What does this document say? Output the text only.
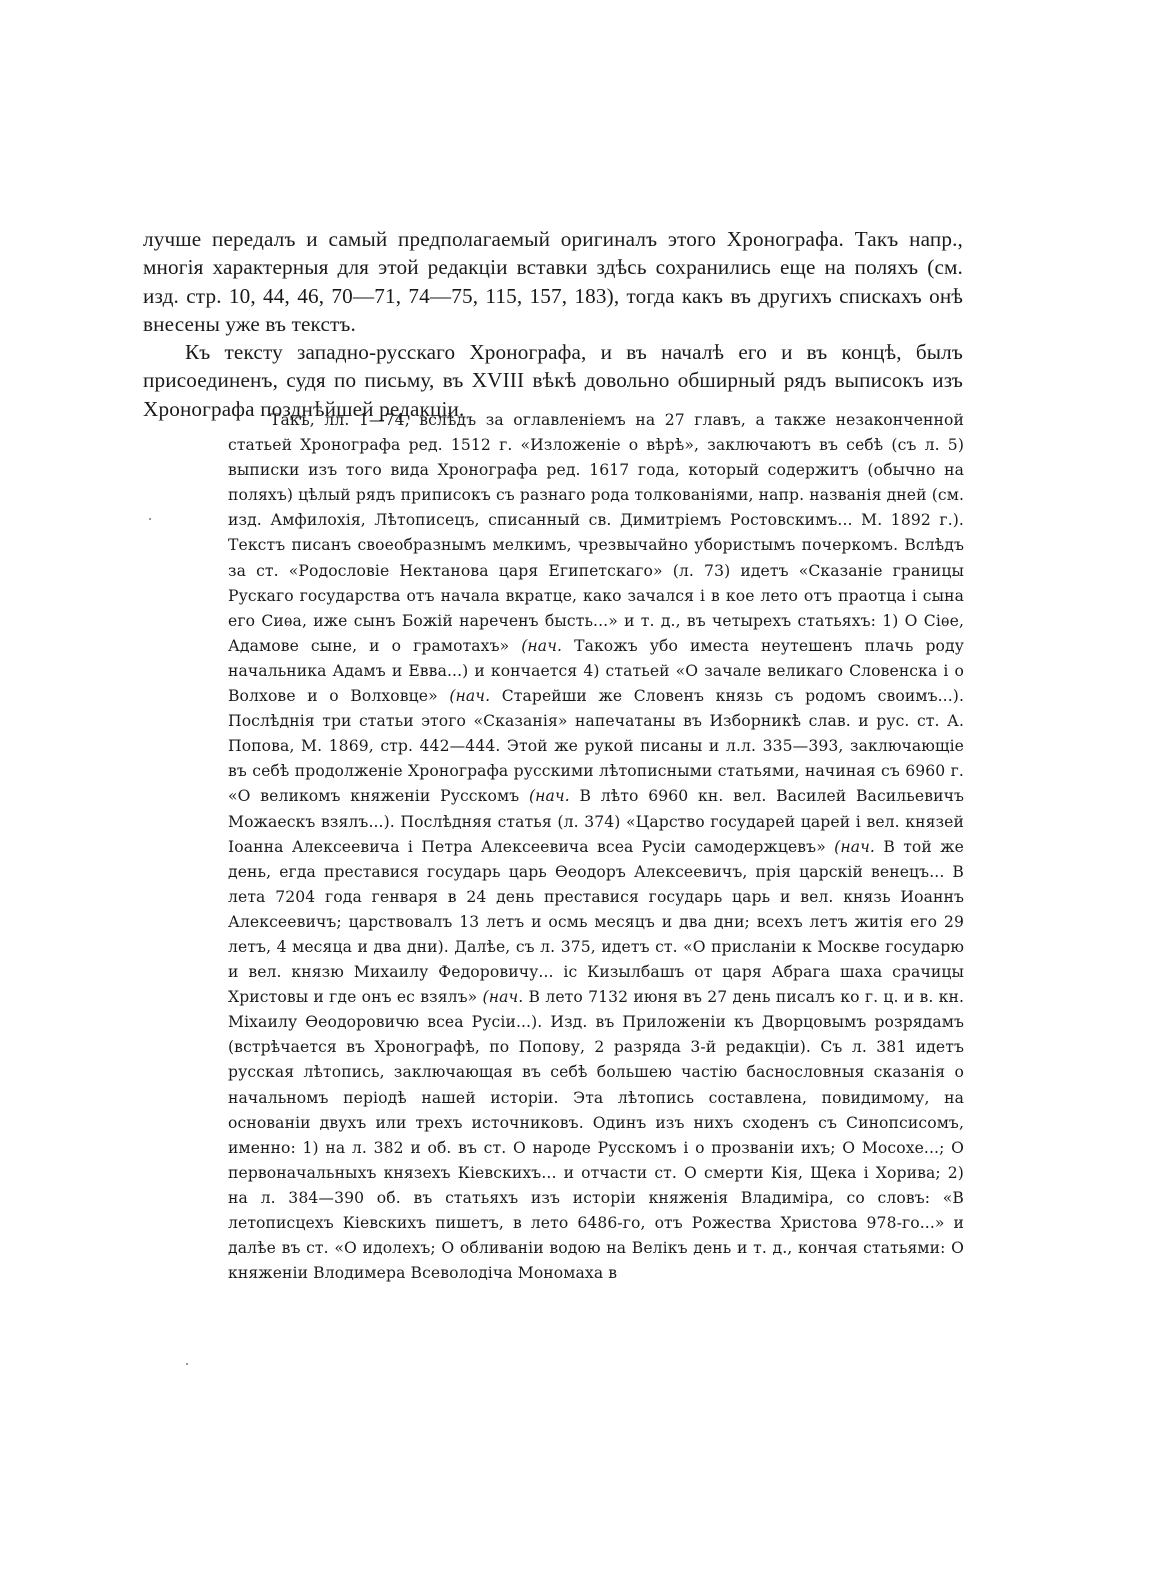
лучше передалъ и самый предполагаемый оригиналъ этого Хронографа. Такъ напр., многія характерныя для этой редакціи вставки здѣсь сохранились еще на поляхъ (см. изд. стр. 10, 44, 46, 70—71, 74—75, 115, 157, 183), тогда какъ въ другихъ спискахъ онѣ внесены уже въ текстъ.

Къ тексту западно-русскаго Хронографа, и въ началѣ его и въ концѣ, былъ присоединенъ, судя по письму, въ XVIII вѣкѣ довольно обширный рядъ выписокъ изъ Хронографа позднѣйшей редакціи.

Такъ, лл. 1—74, вслѣдъ за оглавленіемъ на 27 главъ, а также незаконченной статьей Хронографа ред. 1512 г. «Изложеніе о вѣрѣ», заключаютъ въ себѣ (съ л. 5) выписки изъ того вида Хронографа ред. 1617 года, который содержитъ (обычно на поляхъ) цѣлый рядъ приписокъ съ разнаго рода толкованіями, напр. названія дней (см. изд. Амфилохія, Лѣтописецъ, списанный св. Димитріемъ Ростовскимъ... М. 1892 г.). Текстъ писанъ своеобразнымъ мелкимъ, чрезвычайно убористымъ почеркомъ. Вслѣдъ за ст. «Родословіе Нектанова царя Египетскаго» (л. 73) идетъ «Сказаніе границы Рускаго государства отъ начала вкратце, како зачался і в кое лето отъ праотца і сына его Сиѳа, иже сынъ Божій нареченъ бысть...» и т. д., въ четырехъ статьяхъ: 1) О Сіѳе, Адамове сыне, и о грамотахъ» (нач. Такожъ убо иместа неутешенъ плачь роду начальника Адамъ и Евва...) и кончается 4) статьей «О зачале великаго Словенска і о Волхове и о Волховце» (нач. Старейши же Словенъ князь съ родомъ своимъ...). Послѣднія три статьи этого «Сказанія» напечатаны въ Изборникѣ слав. и рус. ст. А. Попова, М. 1869, стр. 442—444. Этой же рукой писаны и л.л. 335—393, заключающіе въ себѣ продолженіе Хронографа русскими лѣтописными статьями, начиная съ 6960 г. «О великомъ княженіи Русскомъ (нач. В лѣто 6960 кн. вел. Василей Васильевичъ Можаескъ взялъ...). Послѣдняя статья (л. 374) «Царство государей царей і вел. князей Іоанна Алексеевича і Петра Алексеевича всеа Русіи самодержцевъ» (нач. В той же день, егда преставися государь царь Ѳеодоръ Алексеевичъ, прія царскій венецъ... В лета 7204 года генваря в 24 день преставися государь царь и вел. князь Иоаннъ Алексеевичъ; царствовалъ 13 летъ и осмь месяцъ и два дни; всехъ летъ житія его 29 летъ, 4 месяца и два дни). Далѣе, съ л. 375, идетъ ст. «О присланіи к Москве государю и вел. князю Михаилу Федоровичу... іс Кизылбашъ от царя Абрага шаха срачицы Христовы и где онъ ес взялъ» (нач. В лето 7132 июня въ 27 день писалъ ко г. ц. и в. кн. Міхаилу Ѳеодоровичю всеа Русіи...). Изд. въ Приложеніи къ Дворцовымъ розрядамъ (встрѣчается въ Хронографѣ, по Попову, 2 разряда 3-й редакціи). Съ л. 381 идетъ русская лѣтопись, заключающая въ себѣ большею частію баснословныя сказанія о начальномъ періодѣ нашей исторіи. Эта лѣтопись составлена, повидимому, на основаніи двухъ или трехъ источниковъ. Одинъ изъ нихъ сходенъ съ Синопсисомъ, именно: 1) на л. 382 и об. въ ст. О народе Русскомъ і о прозваніи ихъ; О Мосохе...; О первоначальныхъ князехъ Кіевскихъ... и отчасти ст. О смерти Кія, Щека і Хорива; 2) на л. 384—390 об. въ статьяхъ изъ исторіи княженія Владиміра, со словъ: «В летописцехъ Кіевскихъ пишетъ, в лето 6486-го, отъ Рожества Христова 978-го...» и далѣе въ ст. «О идолехъ; О обливаніи водою на Велікъ день и т. д., кончая статьями: О княженіи Влодимера Всеволодіча Мономаха в
